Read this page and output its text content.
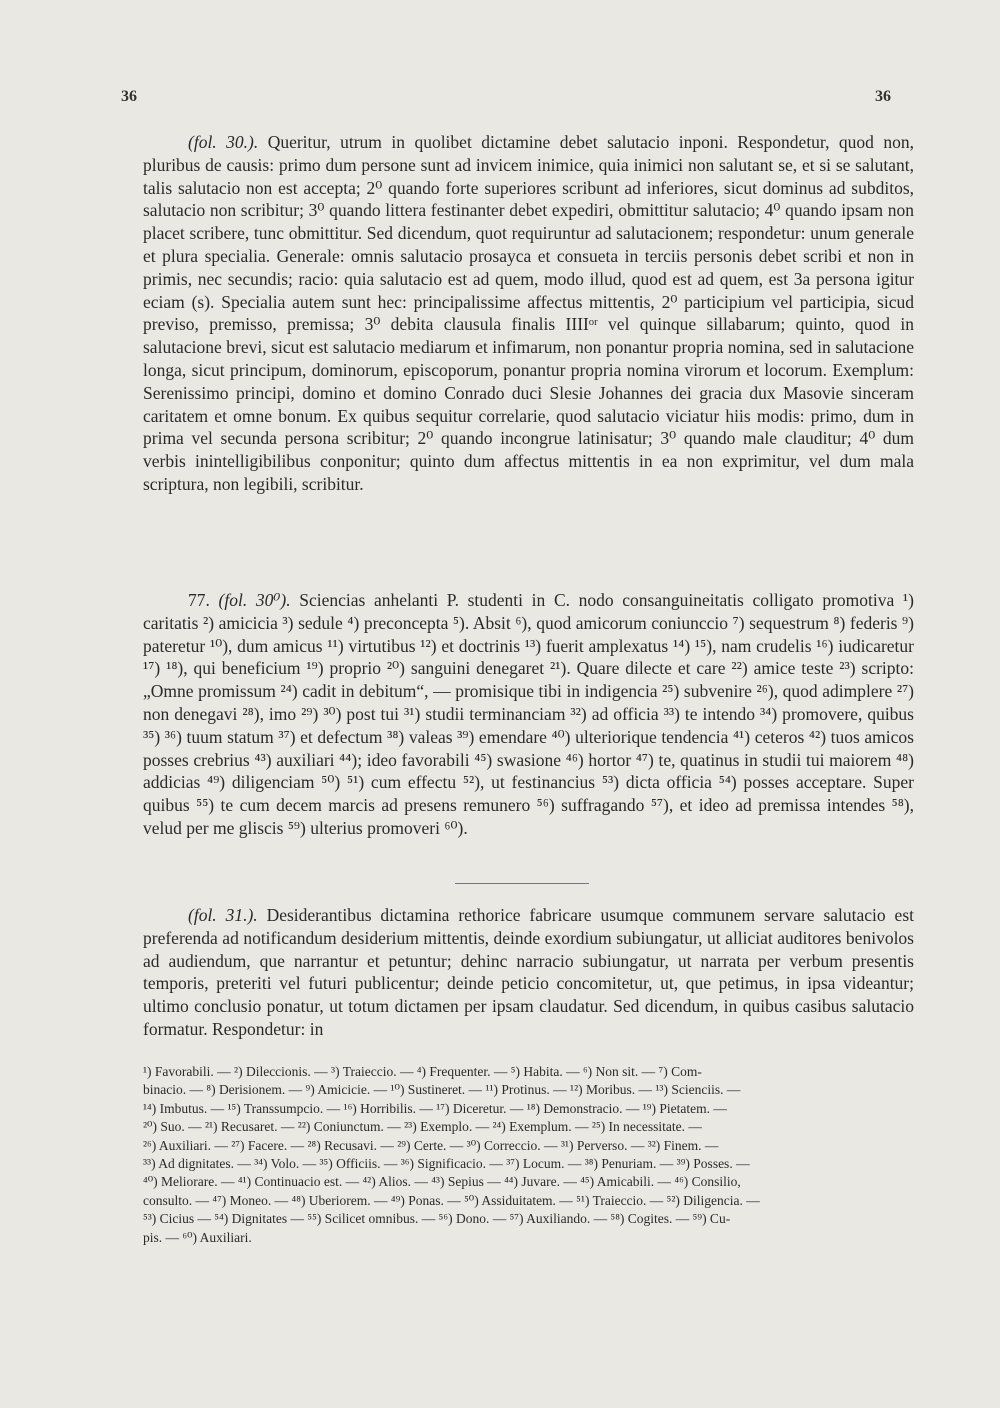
36	36

(fol. 30.). Queritur, utrum in quolibet dictamine debet salutacio inponi. Respondetur, quod non, pluribus de causis: primo dum persone sunt ad invicem inimice, quia inimici non salutant se, et si se salutant, talis salutacio non est accepta; 2⁰ quando forte superiores scribunt ad inferiores, sicut dominus ad subditos, salutacio non scribitur; 3⁰ quando littera festinanter debet expediri, obmittitur salutacio; 4⁰ quando ipsam non placet scribere, tunc obmittitur. Sed dicendum, quot requiruntur ad salutacionem; respondetur: unum generale et plura specialia. Generale: omnis salutacio prosayca et consueta in terciis personis debet scribi et non in primis, nec secundis; racio: quia salutacio est ad quem, modo illud, quod est ad quem, est 3a persona igitur eciam (s). Specialia autem sunt hec: principalissime affectus mittentis, 2⁰ participium vel participia, sicud previso, premisso, premissa; 3⁰ debita clausula finalis IIIIᵒʳ vel quinque sillabarum; quinto, quod in salutacione brevi, sicut est salutacio mediarum et infimarum, non ponantur propria nomina, sed in salutacione longa, sicut principum, dominorum, episcoporum, ponantur propria nomina virorum et locorum. Exemplum: Serenissimo principi, domino et domino Conrado duci Slesie Johannes dei gracia dux Masovie sinceram caritatem et omne bonum. Ex quibus sequitur correlarie, quod salutacio viciatur hiis modis: primo, dum in prima vel secunda persona scribitur; 2⁰ quando incongrue latinisatur; 3⁰ quando male clauditur; 4⁰ dum verbis inintelligibilibus conponitur; quinto dum affectus mittentis in ea non exprimitur, vel dum mala scriptura, non legibili, scribitur.

77. (fol. 30⁰). Sciencias anhelanti P. studenti in C. nodo consanguineitatis colligato promotiva ¹) caritatis ²) amicicia ³) sedule ⁴) preconcepta ⁵). Absit ⁶), quod amicorum coniunccio ⁷) sequestrum ⁸) federis ⁹) pateretur ¹⁰), dum amicus ¹¹) virtutibus ¹²) et doctrinis ¹³) fuerit amplexatus ¹⁴) ¹⁵), nam crudelis ¹⁶) iudicaretur ¹⁷) ¹⁸), qui beneficium ¹⁹) proprio ²⁰) sanguini denegaret ²¹). Quare dilecte et care ²²) amice teste ²³) scripto: „Omne promissum ²⁴) cadit in debitum“, — promisique tibi in indigencia ²⁵) subvenire ²⁶), quod adimplere ²⁷) non denegavi ²⁸), imo ²⁹) ³⁰) post tui ³¹) studii terminanciam ³²) ad officia ³³) te intendo ³⁴) promovere, quibus ³⁵) ³⁶) tuum statum ³⁷) et defectum ³⁸) valeas ³⁹) emendare ⁴⁰) ulteriorique tendencia ⁴¹) ceteros ⁴²) tuos amicos posses crebrius ⁴³) auxiliari ⁴⁴); ideo favorabili ⁴⁵) swasione ⁴⁶) hortor ⁴⁷) te, quatinus in studii tui maiorem ⁴⁸) addicias ⁴⁹) diligenciam ⁵⁰) ⁵¹) cum effectu ⁵²), ut festinancius ⁵³) dicta officia ⁵⁴) posses acceptare. Super quibus ⁵⁵) te cum decem marcis ad presens remunero ⁵⁶) suffragando ⁵⁷), et ideo ad premissa intendes ⁵⁸), velud per me gliscis ⁵⁹) ulterius promoveri ⁶⁰).

(fol. 31.). Desiderantibus dictamina rethorice fabricare usumque communem servare salutacio est preferenda ad notificandum desiderium mittentis, deinde exordium subiungatur, ut alliciat auditores benivolos ad audiendum, que narrantur et petuntur; dehinc narracio subiungatur, ut narrata per verbum presentis temporis, preteriti vel futuri publicentur; deinde peticio concomitetur, ut, que petimus, in ipsa videantur; ultimo conclusio ponatur, ut totum dictamen per ipsam claudatur. Sed dicendum, in quibus casibus salutacio formatur. Respondetur: in

¹) Favorabili. — ²) Dileccionis. — ³) Traieccio. — ⁴) Frequenter. — ⁵) Habita. — ⁶) Non sit. — ⁷) Com-
binacio. — ⁸) Derisionem. — ⁹) Amicicie. — ¹⁰) Sustineret. — ¹¹) Protinus. — ¹²) Moribus. — ¹³) Scienciis. —
¹⁴) Imbutus. — ¹⁵) Transsumpcio. — ¹⁶) Horribilis. — ¹⁷) Diceretur. — ¹⁸) Demonstracio. — ¹⁹) Pietatem. —
²⁰) Suo. — ²¹) Recusaret. — ²²) Coniunctum. — ²³) Exemplo. — ²⁴) Exemplum. — ²⁵) In necessitate. —
²⁶) Auxiliari. — ²⁷) Facere. — ²⁸) Recusavi. — ²⁹) Certe. — ³⁰) Correccio. — ³¹) Perverso. — ³²) Finem. —
³³) Ad dignitates. — ³⁴) Volo. — ³⁵) Officiis. — ³⁶) Significacio. — ³⁷) Locum. — ³⁸) Penuriam. — ³⁹) Posses. —
⁴⁰) Meliorare. — ⁴¹) Continuacio est. — ⁴²) Alios. — ⁴³) Sepius — ⁴⁴) Juvare. — ⁴⁵) Amicabili. — ⁴⁶) Consilio,
consulto. — ⁴⁷) Moneo. — ⁴⁸) Uberiorem. — ⁴⁹) Ponas. — ⁵⁰) Assiduitatem. — ⁵¹) Traieccio. — ⁵²) Diligencia. —
⁵³) Cicius — ⁵⁴) Dignitates — ⁵⁵) Scilicet omnibus. — ⁵⁶) Dono. — ⁵⁷) Auxiliando. — ⁵⁸) Cogites. — ⁵⁹) Cu-
pis. — ⁶⁰) Auxiliari.
